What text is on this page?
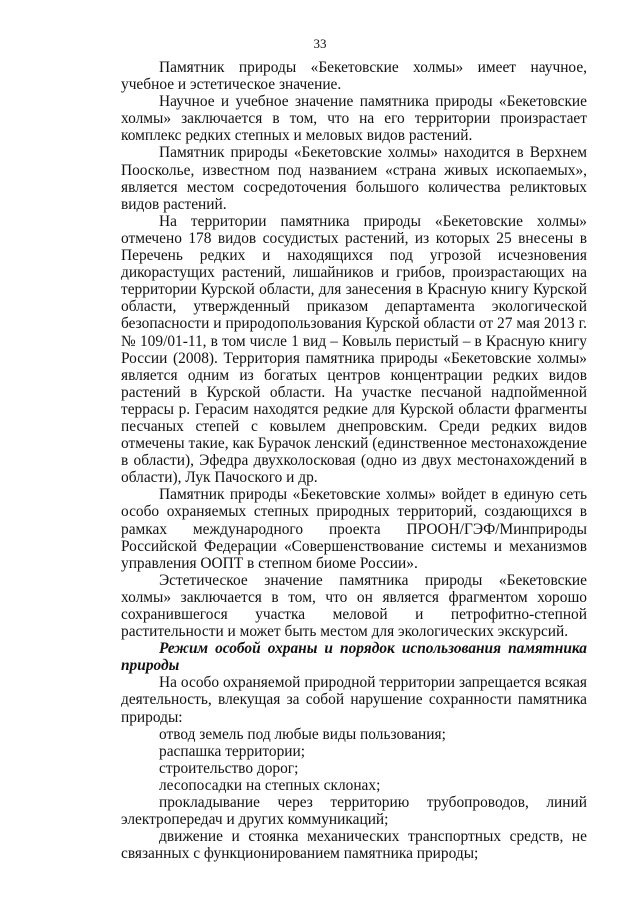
33

Памятник природы «Бекетовские холмы» имеет научное, учебное и эстетическое значение.

Научное и учебное значение памятника природы «Бекетовские холмы» заключается в том, что на его территории произрастает комплекс редких степных и меловых видов растений.

Памятник природы «Бекетовские холмы» находится в Верхнем Поосколье, известном под названием «страна живых ископаемых», является местом сосредоточения большого количества реликтовых видов растений.

На территории памятника природы «Бекетовские холмы» отмечено 178 видов сосудистых растений, из которых 25 внесены в Перечень редких и находящихся под угрозой исчезновения дикорастущих растений, лишайников и грибов, произрастающих на территории Курской области, для занесения в Красную книгу Курской области, утвержденный приказом департамента экологической безопасности и природопользования Курской области от 27 мая 2013 г. № 109/01-11, в том числе 1 вид – Ковыль перистый – в Красную книгу России (2008). Территория памятника природы «Бекетовские холмы» является одним из богатых центров концентрации редких видов растений в Курской области. На участке песчаной надпойменной террасы р. Герасим находятся редкие для Курской области фрагменты песчаных степей с ковылем днепровским. Среди редких видов отмечены такие, как Бурачок ленский (единственное местонахождение в области), Эфедра двухколосковая (одно из двух местонахождений в области), Лук Пачоского и др.

Памятник природы «Бекетовские холмы» войдет в единую сеть особо охраняемых степных природных территорий, создающихся в рамках международного проекта ПРООН/ГЭФ/Минприроды Российской Федерации «Совершенствование системы и механизмов управления ООПТ в степном биоме России».

Эстетическое значение памятника природы «Бекетовские холмы» заключается в том, что он является фрагментом хорошо сохранившегося участка меловой и петрофитно-степной растительности и может быть местом для экологических экскурсий.

Режим особой охраны и порядок использования памятника природы

На особо охраняемой природной территории запрещается всякая деятельность, влекущая за собой нарушение сохранности памятника природы:

отвод земель под любые виды пользования;

распашка территории;

строительство дорог;

лесопосадки на степных склонах;

прокладывание через территорию трубопроводов, линий электропередач и других коммуникаций;

движение и стоянка механических транспортных средств, не связанных с функционированием памятника природы;
